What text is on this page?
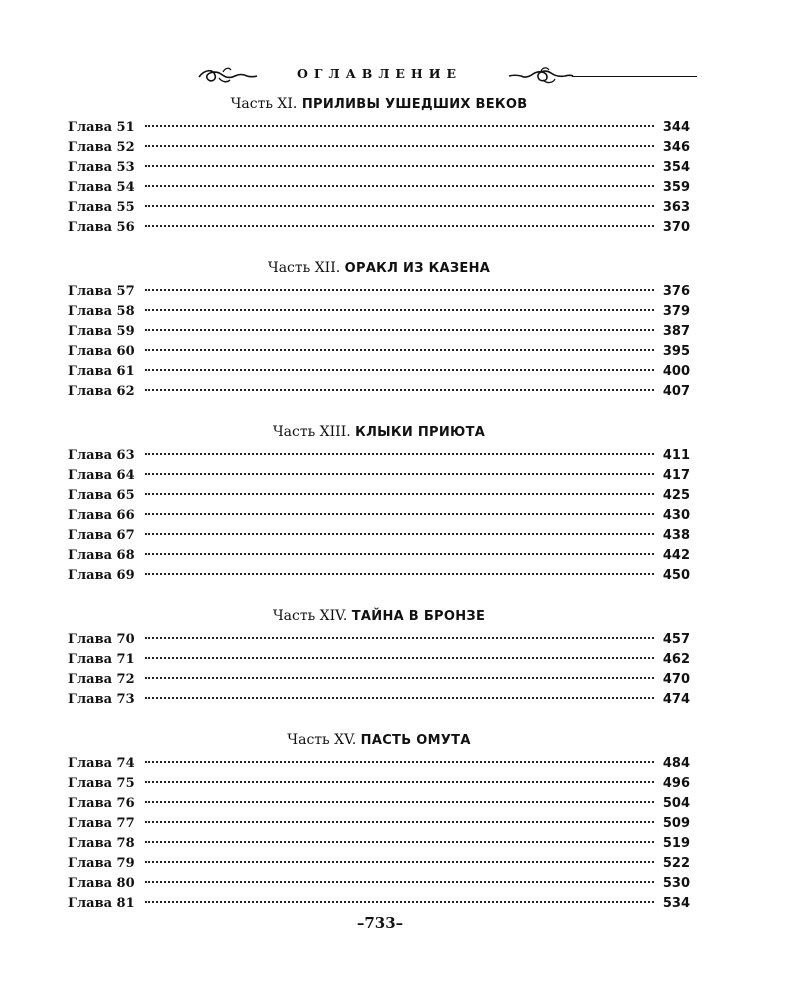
ОГЛАВЛЕНИЕ
Часть XI. ПРИЛИВЫ УШЕДШИХ ВЕКОВ
Глава 51	344
Глава 52	346
Глава 53	354
Глава 54	359
Глава 55	363
Глава 56	370
Часть XII. ОРАКЛ ИЗ КАЗЕНА
Глава 57	376
Глава 58	379
Глава 59	387
Глава 60	395
Глава 61	400
Глава 62	407
Часть XIII. КЛЫКИ ПРИЮТА
Глава 63	411
Глава 64	417
Глава 65	425
Глава 66	430
Глава 67	438
Глава 68	442
Глава 69	450
Часть XIV. ТАЙНА В БРОНЗЕ
Глава 70	457
Глава 71	462
Глава 72	470
Глава 73	474
Часть XV. ПАСТЬ ОМУТА
Глава 74	484
Глава 75	496
Глава 76	504
Глава 77	509
Глава 78	519
Глава 79	522
Глава 80	530
Глава 81	534
–733–
